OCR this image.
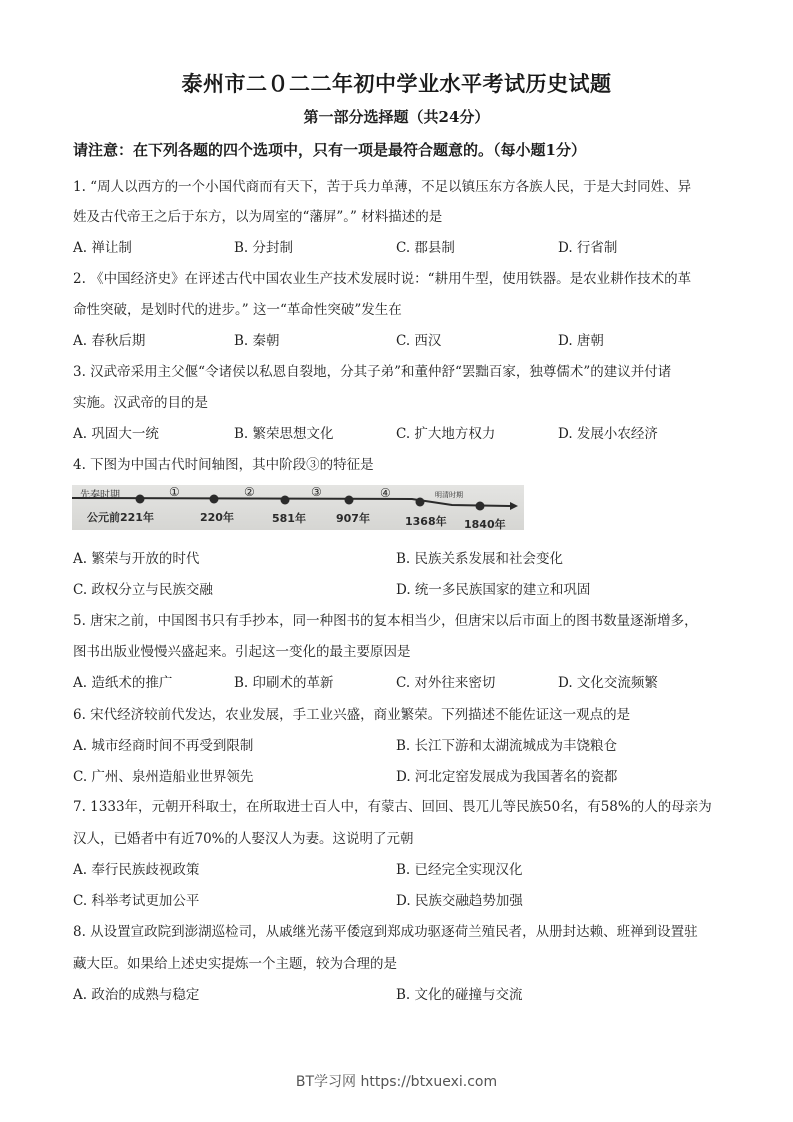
泰州市二０二二年初中学业水平考试历史试题
第一部分选择题（共24分）
请注意：在下列各题的四个选项中，只有一项是最符合题意的。（每小题1分）
1. “周人以西方的一个小国代商而有天下，苦于兵力单薄，不足以镇压东方各族人民，于是大封同姓、异
姓及古代帝王之后于东方，以为周室的“藩屏”。” 材料描述的是
A. 禅让制	B. 分封制	C. 郡县制	D. 行省制
2. 《中国经济史》在评述古代中国农业生产技术发展时说：“耕用牛型，使用铁器。是农业耕作技术的革
命性突破，是划时代的进步。” 这一“革命性突破”发生在
A. 春秋后期	B. 秦朝	C. 西汉	D. 唐朝
3. 汉武帝采用主父偃“令诸侯以私恩自裂地，分其子弟”和董仲舒“罢黜百家，独尊儒术”的建议并付诸
实施。汉武帝的目的是
A. 巩固大一统	B. 繁荣思想文化	C. 扩大地方权力	D. 发展小农经济
4. 下图为中国古代时间轴图，其中阶段③的特征是
先秦时期	①	②	③	④	明清时期
公元前221年	220年	581年	907年	1368年 1840年
A. 繁荣与开放的时代	B. 民族关系发展和社会变化
C. 政权分立与民族交融	D. 统一多民族国家的建立和巩固
5. 唐宋之前，中国图书只有手抄本，同一种图书的复本相当少，但唐宋以后市面上的图书数量逐渐增多，
图书出版业慢慢兴盛起来。引起这一变化的最主要原因是
A. 造纸术的推广	B. 印刷术的革新	C. 对外往来密切	D. 文化交流频繁
6. 宋代经济较前代发达，农业发展，手工业兴盛，商业繁荣。下列描述不能佐证这一观点的是
A. 城市经商时间不再受到限制	B. 长江下游和太湖流城成为丰饶粮仓
C. 广州、泉州造船业世界领先	D. 河北定窑发展成为我国著名的瓷都
7. 1333年，元朝开科取士，在所取进士百人中，有蒙古、回回、畏兀儿等民族50名，有58%的人的母亲为
汉人，已婚者中有近70%的人娶汉人为妻。这说明了元朝
A. 奉行民族歧视政策	B. 已经完全实现汉化
C. 科举考试更加公平	D. 民族交融趋势加强
8. 从设置宣政院到澎湖巡检司，从戚继光荡平倭寇到郑成功驱逐荷兰殖民者，从册封达赖、班禅到设置驻
藏大臣。如果给上述史实提炼一个主题，较为合理的是
A. 政治的成熟与稳定	B. 文化的碰撞与交流
BT学习网 https://btxuexi.com
